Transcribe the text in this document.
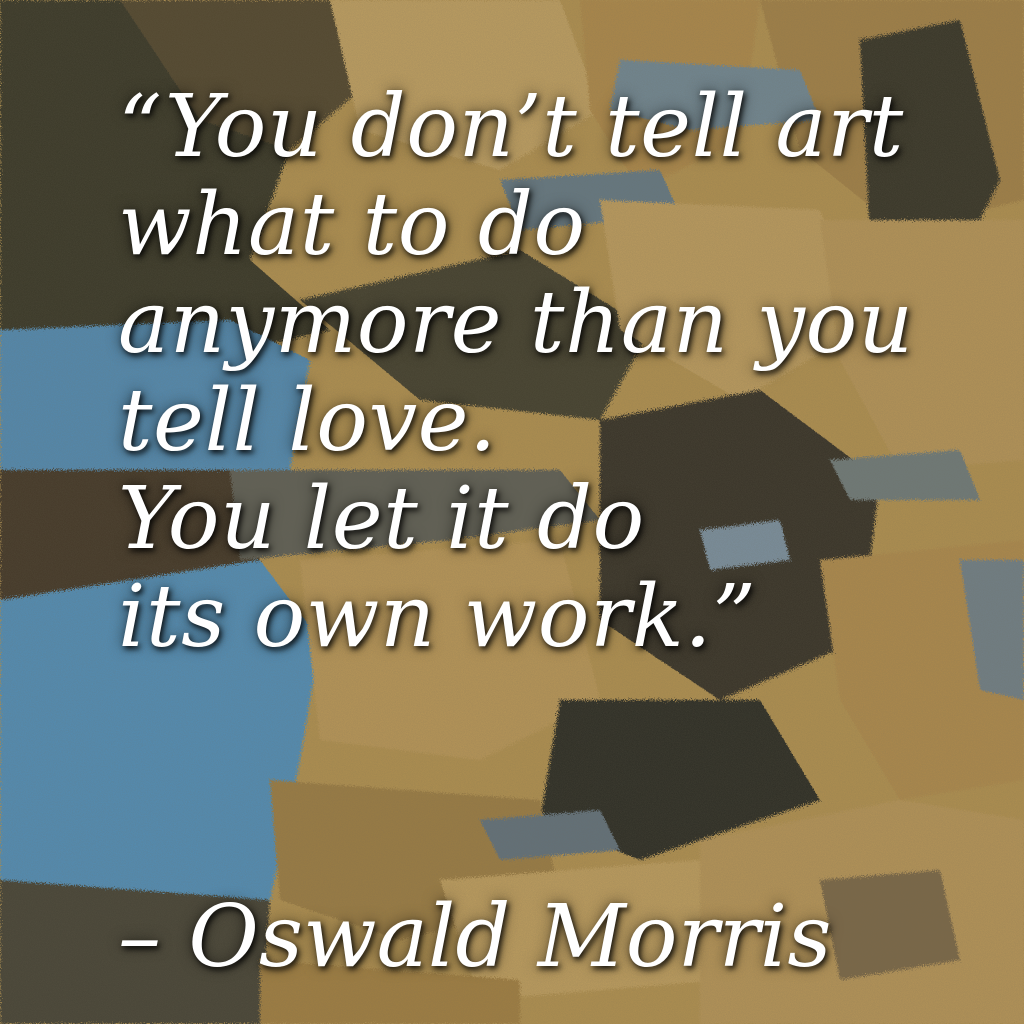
“You don’t tell art
what to do
anymore than you
tell love.
You let it do
its own work.”

– Oswald Morris
